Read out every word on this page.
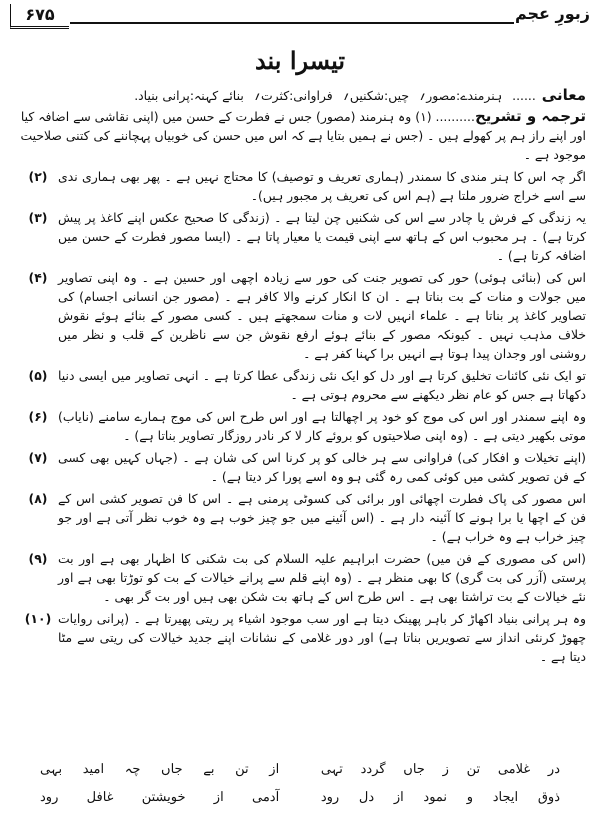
۶۷۵	زبورِ عجم
تیسرا بند
معانی...... ہنرمندے:مصور؍ چیں:شکنیں؍ فراوانی:کثرت؍ بنائے کہنہ:پرانی بنیاد.
ترجمہ و تشریح.......... (۱) وہ ہنرمند (مصور) جس نے فطرت کے حسن میں (اپنی نقاشی سے اضافہ کیا اور اپنے راز ہم پر کھولے ہیں ۔ (جس نے ہمیں بتایا ہے کہ اس میں حسن کی خوبیاں پہچاننے کی کتنی صلاحیت موجود ہے ۔
اگر چہ اس کا ہنر مندی کا سمندر (ہماری تعریف و توصیف) کا محتاج نہیں ہے ۔ پھر بھی ہماری ندی سے اسے خراج ضرور ملتا ہے (ہم اس کی تعریف پر مجبور ہیں)۔
(۲)
یہ زندگی کے فرش یا چادر سے اس کی شکنیں چن لیتا ہے ۔ (زندگی کا صحیح عکس اپنے کاغذ پر پیش کرتا ہے) ۔ ہر محبوب اس کے ہاتھ سے اپنی قیمت یا معیار پاتا ہے ۔ (ایسا مصور فطرت کے حسن میں اضافہ کرتا ہے) ۔
(۳)
اس کی (بنائی ہوئی) حور کی تصویر جنت کی حور سے زیادہ اچھی اور حسین ہے ۔ وہ اپنی تصاویر میں جولات و منات کے بت بناتا ہے ۔ ان کا انکار کرنے والا کافر ہے ۔ (مصور جن انسانی اجسام) کی تصاویر کاغذ پر بناتا ہے ۔ علماء انہیں لات و منات سمجھتے ہیں ۔ کسی مصور کے بنائے ہوئے نقوش خلاف مذہب نہیں ۔ کیونکہ مصور کے بنائے ہوئے ارفع نقوش جن سے ناظرین کے قلب و نظر میں روشنی اور وجدان پیدا ہوتا ہے انہیں برا کہنا کفر ہے ۔
(۴)
تو ایک نئی کائنات تخلیق کرتا ہے اور دل کو ایک نئی زندگی عطا کرتا ہے ۔ انہی تصاویر میں ایسی دنیا دکھاتا ہے جس کو عام نظر دیکھنے سے محروم ہوتی ہے ۔
(۵)
وہ اپنے سمندر اور اس کی موج کو خود پر اچھالتا ہے اور اس طرح اس کی موج ہمارے سامنے (نایاب) موتی بکھیر دیتی ہے ۔ (وہ اپنی صلاحیتوں کو بروئے کار لا کر نادر روزگار تصاویر بناتا ہے) ۔
(۶)
(اپنے تخیلات و افکار کی) فراوانی سے ہر خالی کو پر کرنا اس کی شان ہے ۔ (جہاں کہیں بھی کسی کے فن تصویر کشی میں کوئی کمی رہ گئی ہو وہ اسے پورا کر دیتا ہے) ۔
(۷)
اس مصور کی پاک فطرت اچھائی اور برائی کی کسوٹی پرمنی ہے ۔ اس کا فن تصویر کشی اس کے فن کے اچھا یا برا ہونے کا آئینہ دار ہے ۔ (اس آئینے میں جو چیز خوب ہے وہ خوب نظر آتی ہے اور جو چیز خراب ہے وہ خراب ہے) ۔
(۸)
(اس کی مصوری کے فن میں) حضرت ابراہیم علیہ السلام کی بت شکنی کا اظہار بھی ہے اور بت پرستی (آزر کی بت گری) کا بھی منظر ہے ۔ (وہ اپنے قلم سے پرانے خیالات کے بت کو توڑتا بھی ہے اور نئے خیالات کے بت تراشتا بھی ہے ۔ اس طرح اس کے ہاتھ بت شکن بھی ہیں اور بت گر بھی ۔
(۹)
وہ ہر پرانی بنیاد اکھاڑ کر باہر پھینک دیتا ہے اور سب موجود اشیاء پر ریتی پھیرتا ہے ۔ (پرانی روایات چھوڑ کرنئی انداز سے تصویریں بناتا ہے) اور دور غلامی کے نشانات اپنے جدید خیالات کی ریتی سے مٹا دیتا ہے ۔
(۱۰)
در غلامی تن ز جاں گردد تہی
از تن بے جاں چہ امید بہی
ذوق ایجاد و نمود از دل رود
آدمی از خویشتن غافل رود
